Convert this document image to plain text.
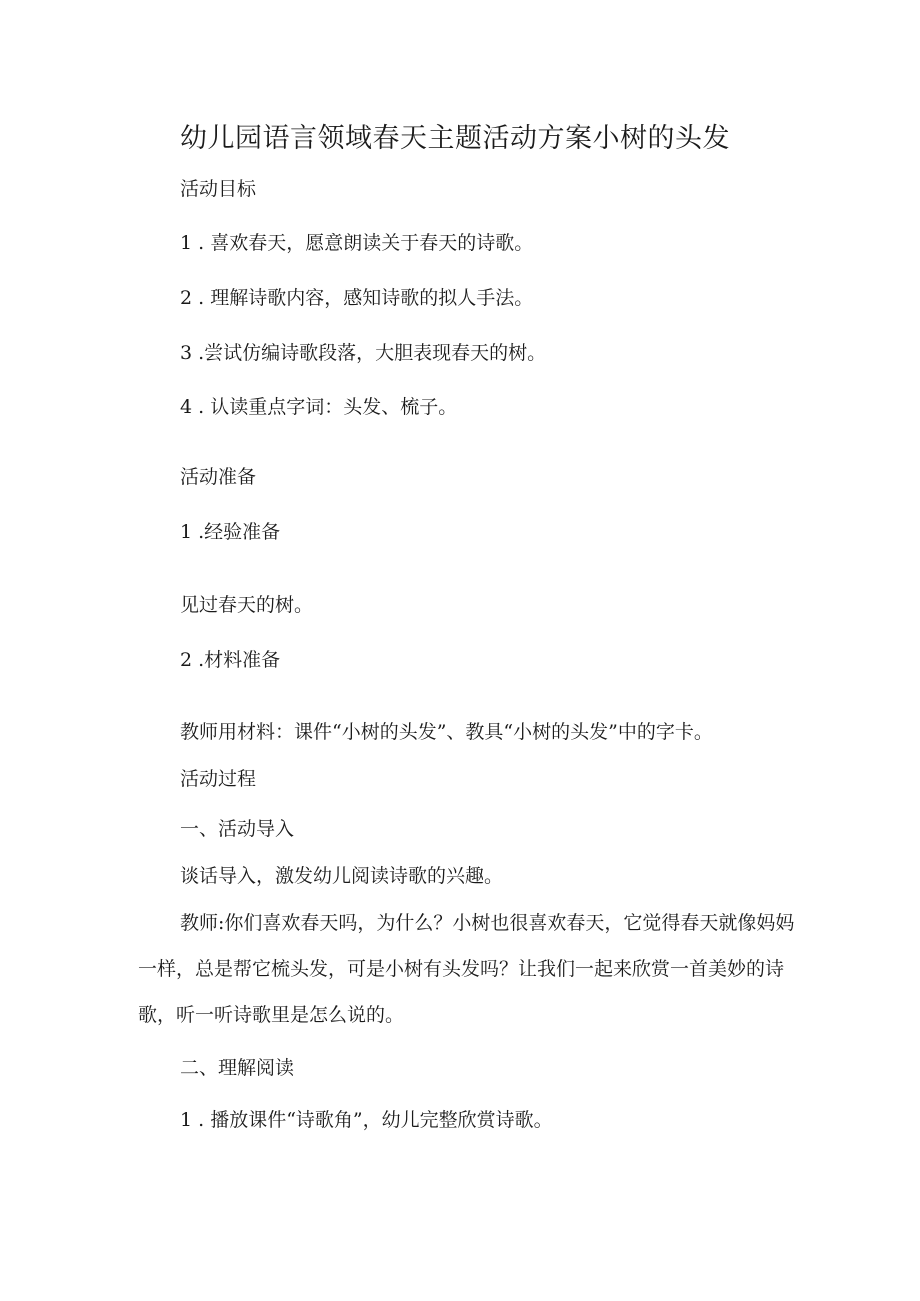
幼儿园语言领域春天主题活动方案小树的头发
活动目标
1 . 喜欢春天，愿意朗读关于春天的诗歌。
2 . 理解诗歌内容，感知诗歌的拟人手法。
3 .尝试仿编诗歌段落，大胆表现春天的树。
4 . 认读重点字词：头发、梳子。
活动准备
1 .经验准备
见过春天的树。
2 .材料准备
教师用材料：课件“小树的头发”、教具“小树的头发”中的字卡。
活动过程
一、活动导入
谈话导入，激发幼儿阅读诗歌的兴趣。
教师:你们喜欢春天吗，为什么？小树也很喜欢春天，它觉得春天就像妈妈一样，总是帮它梳头发，可是小树有头发吗？让我们一起来欣赏一首美妙的诗歌，听一听诗歌里是怎么说的。
二、理解阅读
1 . 播放课件“诗歌角”，幼儿完整欣赏诗歌。
